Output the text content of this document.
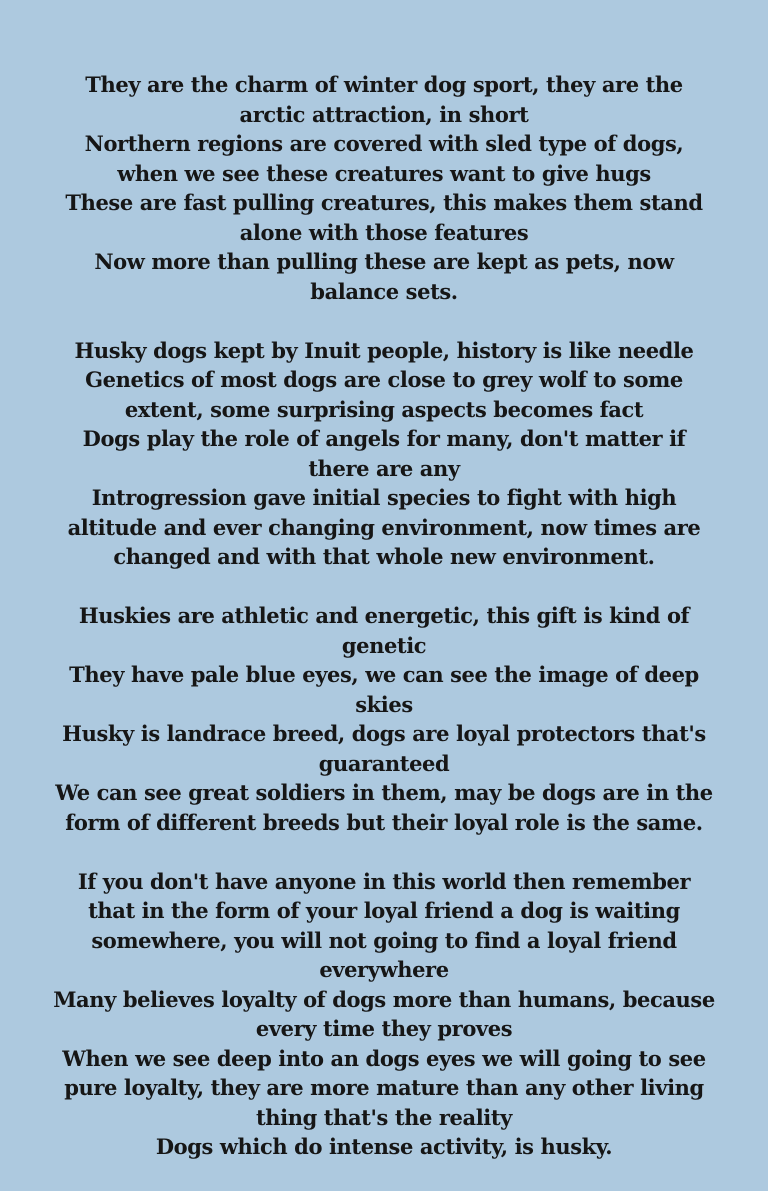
They are the charm of winter dog sport, they are the arctic attraction, in short
Northern regions are covered with sled type of dogs, when we see these creatures want to give hugs
These are fast pulling creatures, this makes them stand alone with those features
Now more than pulling these are kept as pets, now balance sets.
Husky dogs kept by Inuit people, history is like needle
Genetics of most dogs are close to grey wolf to some extent, some surprising aspects becomes fact
Dogs play the role of angels for many, don't matter if there are any
Introgression gave initial species to fight with high altitude and ever changing environment, now times are changed and with that whole new environment.
Huskies are athletic and energetic, this gift is kind of genetic
They have pale blue eyes, we can see the image of deep skies
Husky is landrace breed, dogs are loyal protectors that's guaranteed
We can see great soldiers in them, may be dogs are in the form of different breeds but their loyal role is the same.
If you don't have anyone in this world then remember that in the form of your loyal friend a dog is waiting somewhere, you will not going to find a loyal friend everywhere
Many believes loyalty of dogs more than humans, because every time they proves
When we see deep into an dogs eyes we will going to see pure loyalty, they are more mature than any other living thing that's the reality
Dogs which do intense activity, is husky.
